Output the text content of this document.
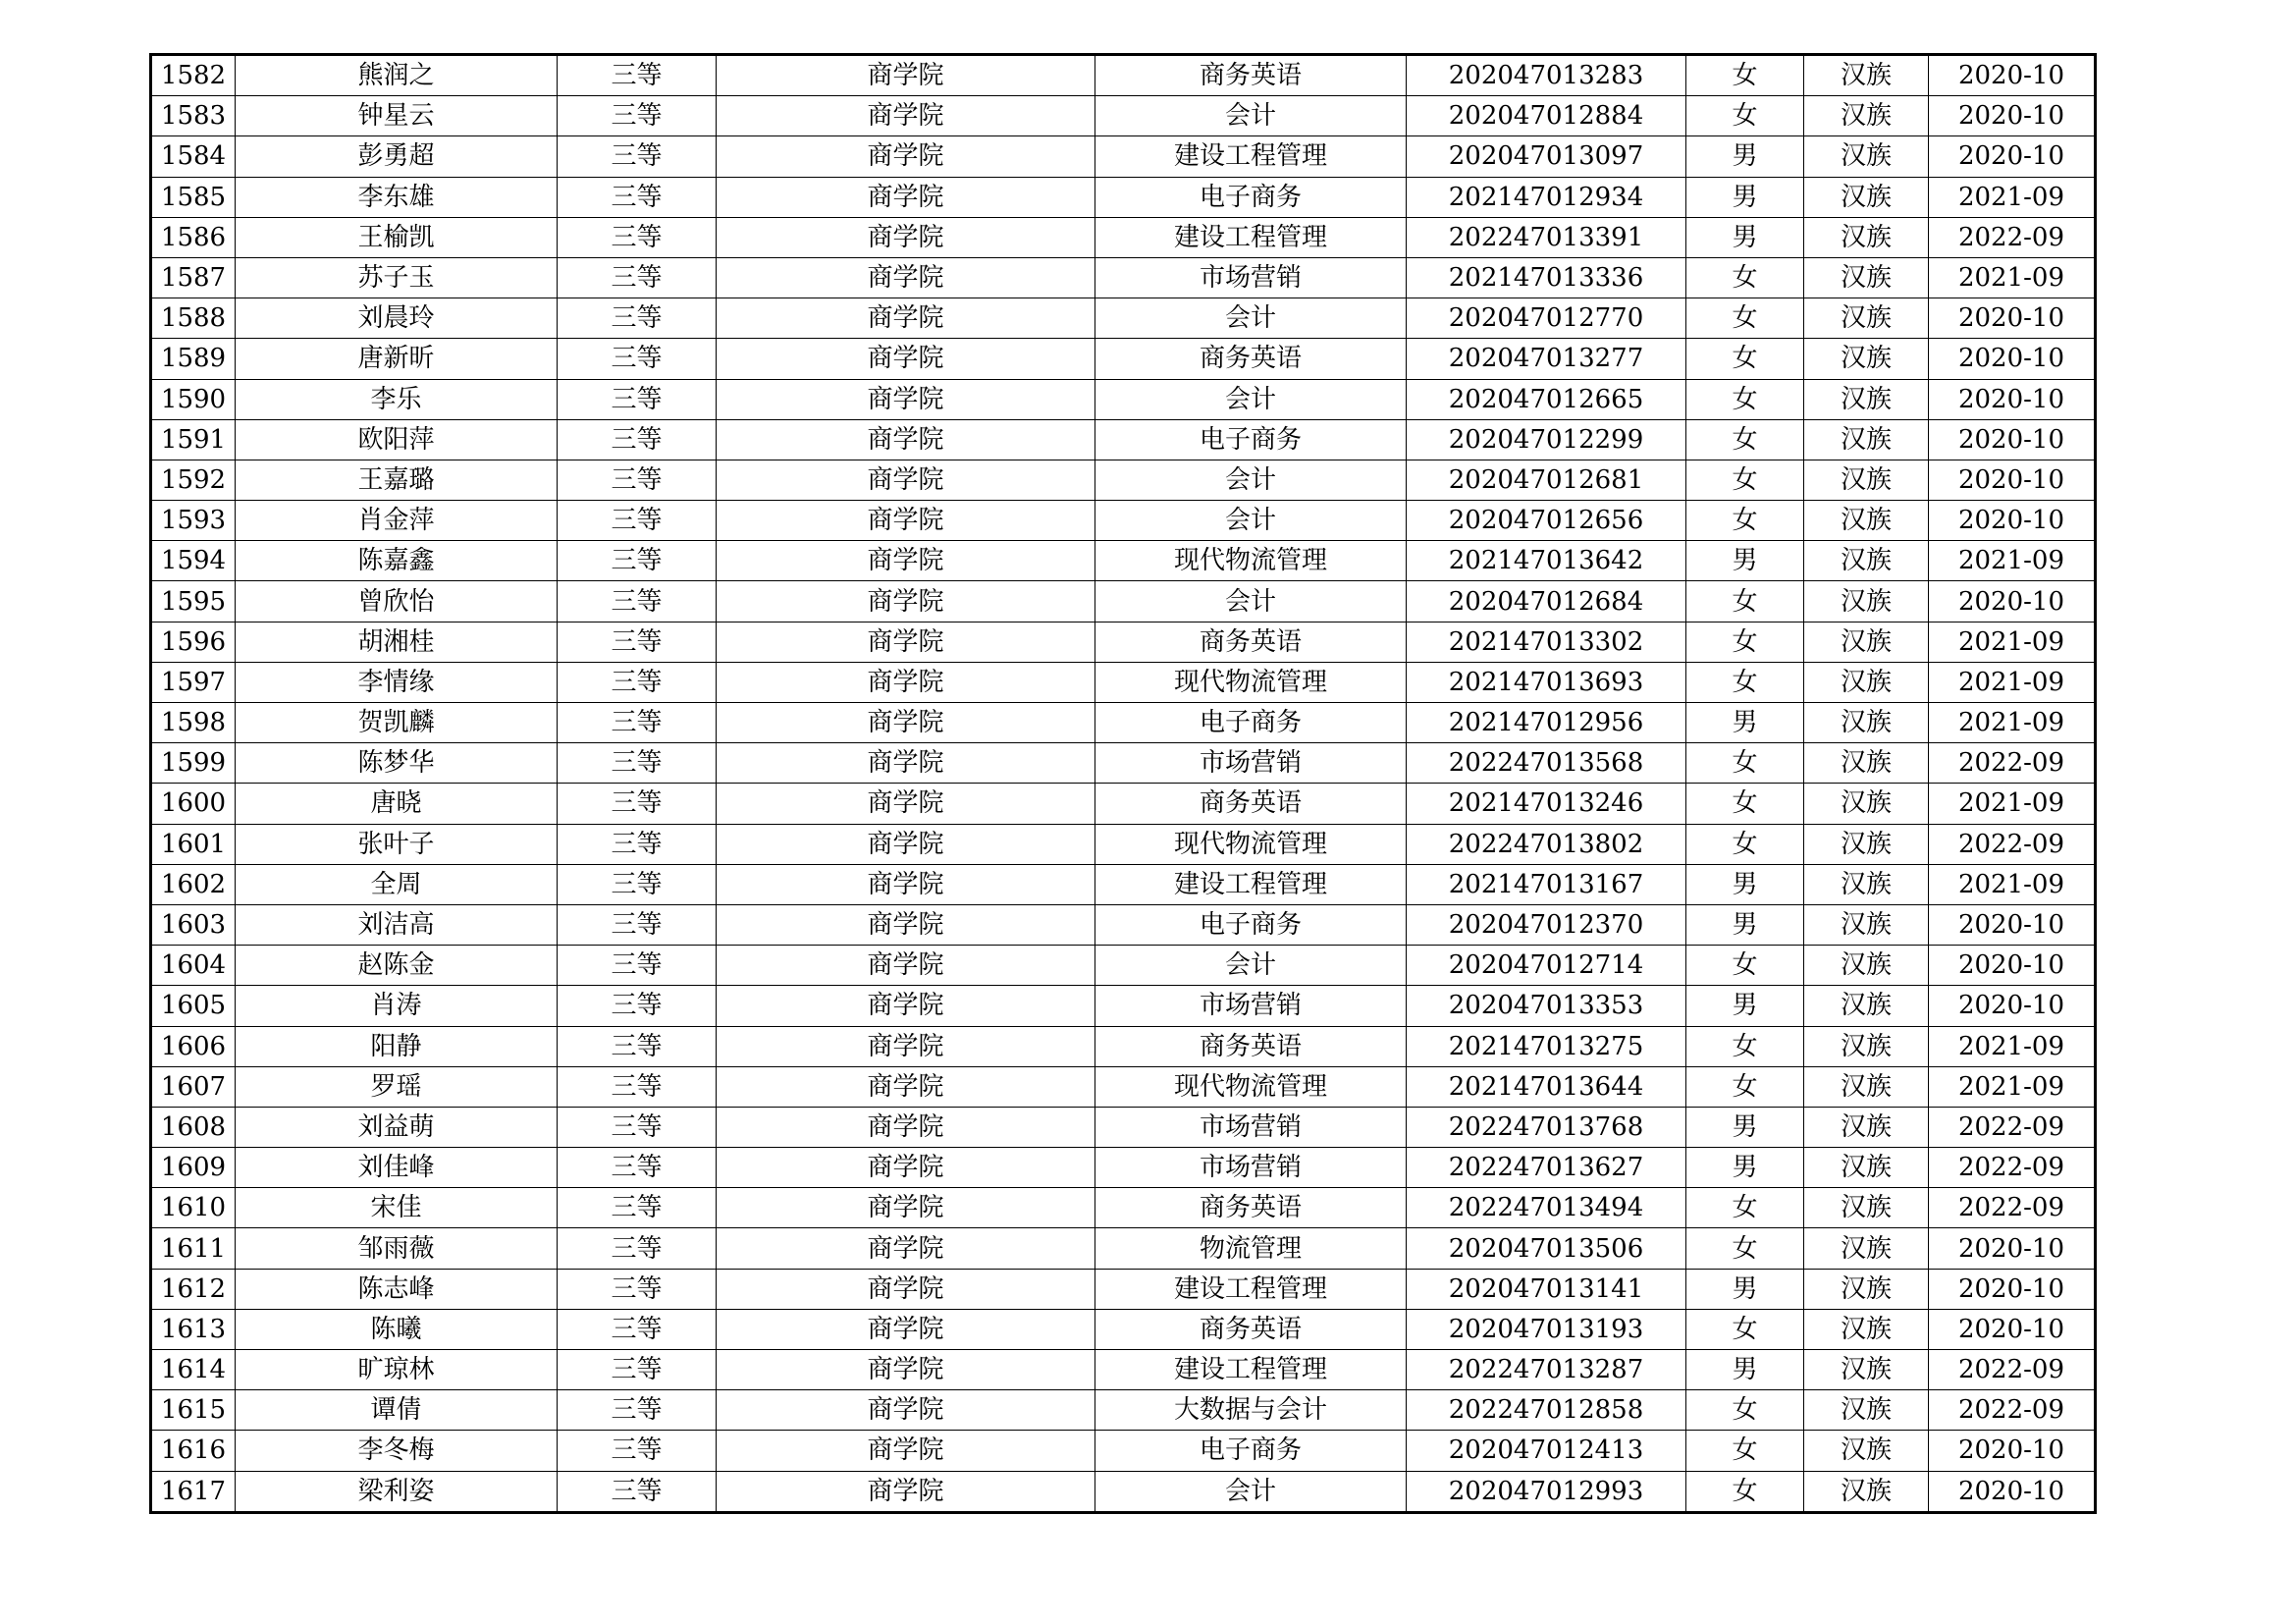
1582	熊润之	三等	商学院	商务英语	202047013283	女	汉族	2020-10
1583	钟星云	三等	商学院	会计	202047012884	女	汉族	2020-10
1584	彭勇超	三等	商学院	建设工程管理	202047013097	男	汉族	2020-10
1585	李东雄	三等	商学院	电子商务	202147012934	男	汉族	2021-09
1586	王榆凯	三等	商学院	建设工程管理	202247013391	男	汉族	2022-09
1587	苏子玉	三等	商学院	市场营销	202147013336	女	汉族	2021-09
1588	刘晨玲	三等	商学院	会计	202047012770	女	汉族	2020-10
1589	唐新昕	三等	商学院	商务英语	202047013277	女	汉族	2020-10
1590	李乐	三等	商学院	会计	202047012665	女	汉族	2020-10
1591	欧阳萍	三等	商学院	电子商务	202047012299	女	汉族	2020-10
1592	王嘉璐	三等	商学院	会计	202047012681	女	汉族	2020-10
1593	肖金萍	三等	商学院	会计	202047012656	女	汉族	2020-10
1594	陈嘉鑫	三等	商学院	现代物流管理	202147013642	男	汉族	2021-09
1595	曾欣怡	三等	商学院	会计	202047012684	女	汉族	2020-10
1596	胡湘桂	三等	商学院	商务英语	202147013302	女	汉族	2021-09
1597	李情缘	三等	商学院	现代物流管理	202147013693	女	汉族	2021-09
1598	贺凯麟	三等	商学院	电子商务	202147012956	男	汉族	2021-09
1599	陈梦华	三等	商学院	市场营销	202247013568	女	汉族	2022-09
1600	唐晓	三等	商学院	商务英语	202147013246	女	汉族	2021-09
1601	张叶子	三等	商学院	现代物流管理	202247013802	女	汉族	2022-09
1602	全周	三等	商学院	建设工程管理	202147013167	男	汉族	2021-09
1603	刘洁高	三等	商学院	电子商务	202047012370	男	汉族	2020-10
1604	赵陈金	三等	商学院	会计	202047012714	女	汉族	2020-10
1605	肖涛	三等	商学院	市场营销	202047013353	男	汉族	2020-10
1606	阳静	三等	商学院	商务英语	202147013275	女	汉族	2021-09
1607	罗瑶	三等	商学院	现代物流管理	202147013644	女	汉族	2021-09
1608	刘益萌	三等	商学院	市场营销	202247013768	男	汉族	2022-09
1609	刘佳峰	三等	商学院	市场营销	202247013627	男	汉族	2022-09
1610	宋佳	三等	商学院	商务英语	202247013494	女	汉族	2022-09
1611	邹雨薇	三等	商学院	物流管理	202047013506	女	汉族	2020-10
1612	陈志峰	三等	商学院	建设工程管理	202047013141	男	汉族	2020-10
1613	陈曦	三等	商学院	商务英语	202047013193	女	汉族	2020-10
1614	旷琼林	三等	商学院	建设工程管理	202247013287	男	汉族	2022-09
1615	谭倩	三等	商学院	大数据与会计	202247012858	女	汉族	2022-09
1616	李冬梅	三等	商学院	电子商务	202047012413	女	汉族	2020-10
1617	梁利姿	三等	商学院	会计	202047012993	女	汉族	2020-10
